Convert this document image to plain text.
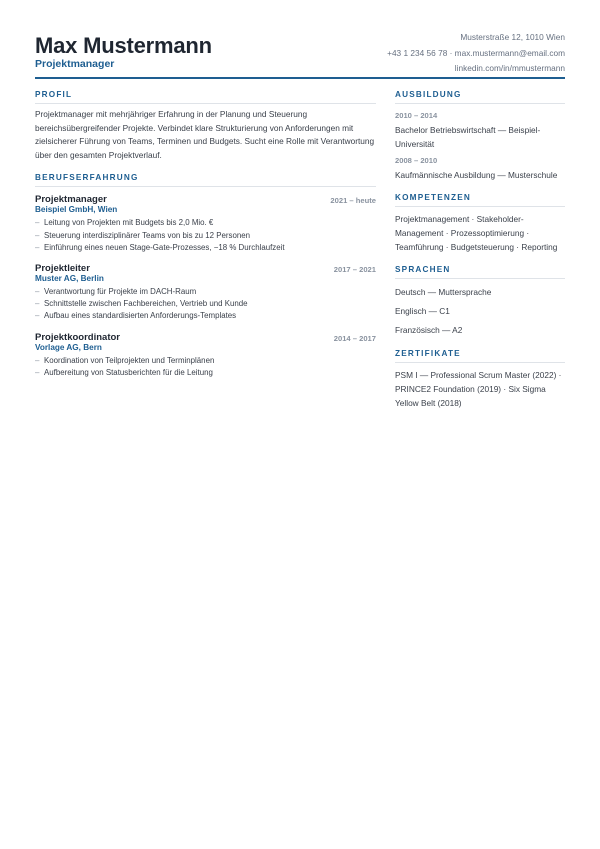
Max Mustermann
Projektmanager
Musterstraße 12, 1010 Wien
+43 1 234 56 78 · max.mustermann@email.com
linkedin.com/in/mmustermann
PROFIL
Projektmanager mit mehrjähriger Erfahrung in der Planung und Steuerung bereichsübergreifender Projekte. Verbindet klare Strukturierung von Anforderungen mit zielsicherer Führung von Teams, Terminen und Budgets. Sucht eine Rolle mit Verantwortung über den gesamten Projektverlauf.
BERUFSERFAHRUNG
Projektmanager
Beispiel GmbH, Wien
2021 – heute
– Leitung von Projekten mit Budgets bis 2,0 Mio. €
– Steuerung interdisziplinärer Teams von bis zu 12 Personen
– Einführung eines neuen Stage-Gate-Prozesses, −18 % Durchlaufzeit
Projektleiter
Muster AG, Berlin
2017 – 2021
– Verantwortung für Projekte im DACH-Raum
– Schnittstelle zwischen Fachbereichen, Vertrieb und Kunde
– Aufbau eines standardisierten Anforderungs-Templates
Projektkoordinator
Vorlage AG, Bern
2014 – 2017
– Koordination von Teilprojekten und Terminplänen
– Aufbereitung von Statusberichten für die Leitung
AUSBILDUNG
2010 – 2014
Bachelor Betriebswirtschaft — Beispiel-Universität
2008 – 2010
Kaufmännische Ausbildung — Musterschule
KOMPETENZEN
Projektmanagement · Stakeholder-Management · Prozessoptimierung · Teamführung · Budgetsteuerung · Reporting
SPRACHEN
Deutsch — Muttersprache
Englisch — C1
Französisch — A2
ZERTIFIKATE
PSM I — Professional Scrum Master (2022) · PRINCE2 Foundation (2019) · Six Sigma Yellow Belt (2018)
